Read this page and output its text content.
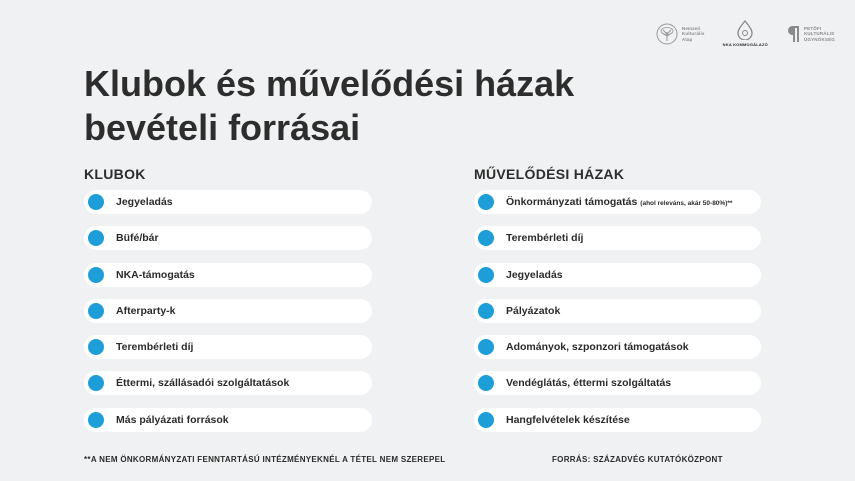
Nemzeti
Kulturális
Alap
NKA KOMMOGÁLAZÓ
PETŐFI
KULTURÁLIS
ÜGYNÖKSÉG
Klubok és művelődési házak
bevételi forrásai
KLUBOK
Jegyeladás
Büfé/bár
NKA-támogatás
Afterparty-k
Terembérleti díj
Éttermi, szállásadói szolgáltatások
Más pályázati források
MŰVELŐDÉSI HÁZAK
Önkormányzati támogatás (ahol releváns, akár 50-80%)**
Terembérleti díj
Jegyeladás
Pályázatok
Adományok, szponzori támogatások
Vendéglátás, éttermi szolgáltatás
Hangfelvételek készítése
**A NEM ÖNKORMÁNYZATI FENNTARTÁSÚ INTÉZMÉNYEKNÉL A TÉTEL NEM SZEREPEL	FORRÁS: SZÁZADVÉG KUTATÓKÖZPONT
